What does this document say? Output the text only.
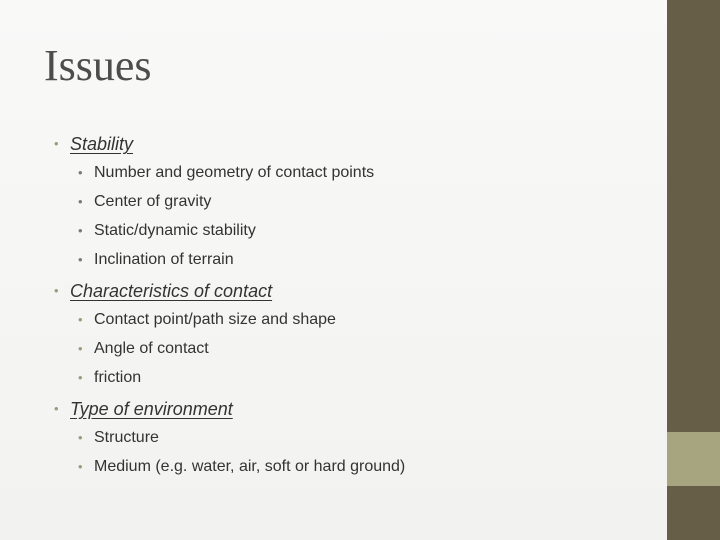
Issues
• Stability
• Number and geometry of contact points
• Center of gravity
• Static/dynamic stability
• Inclination of terrain
• Characteristics of contact
• Contact point/path size and shape
• Angle of contact
• friction
• Type of environment
• Structure
• Medium (e.g. water, air, soft or hard ground)
